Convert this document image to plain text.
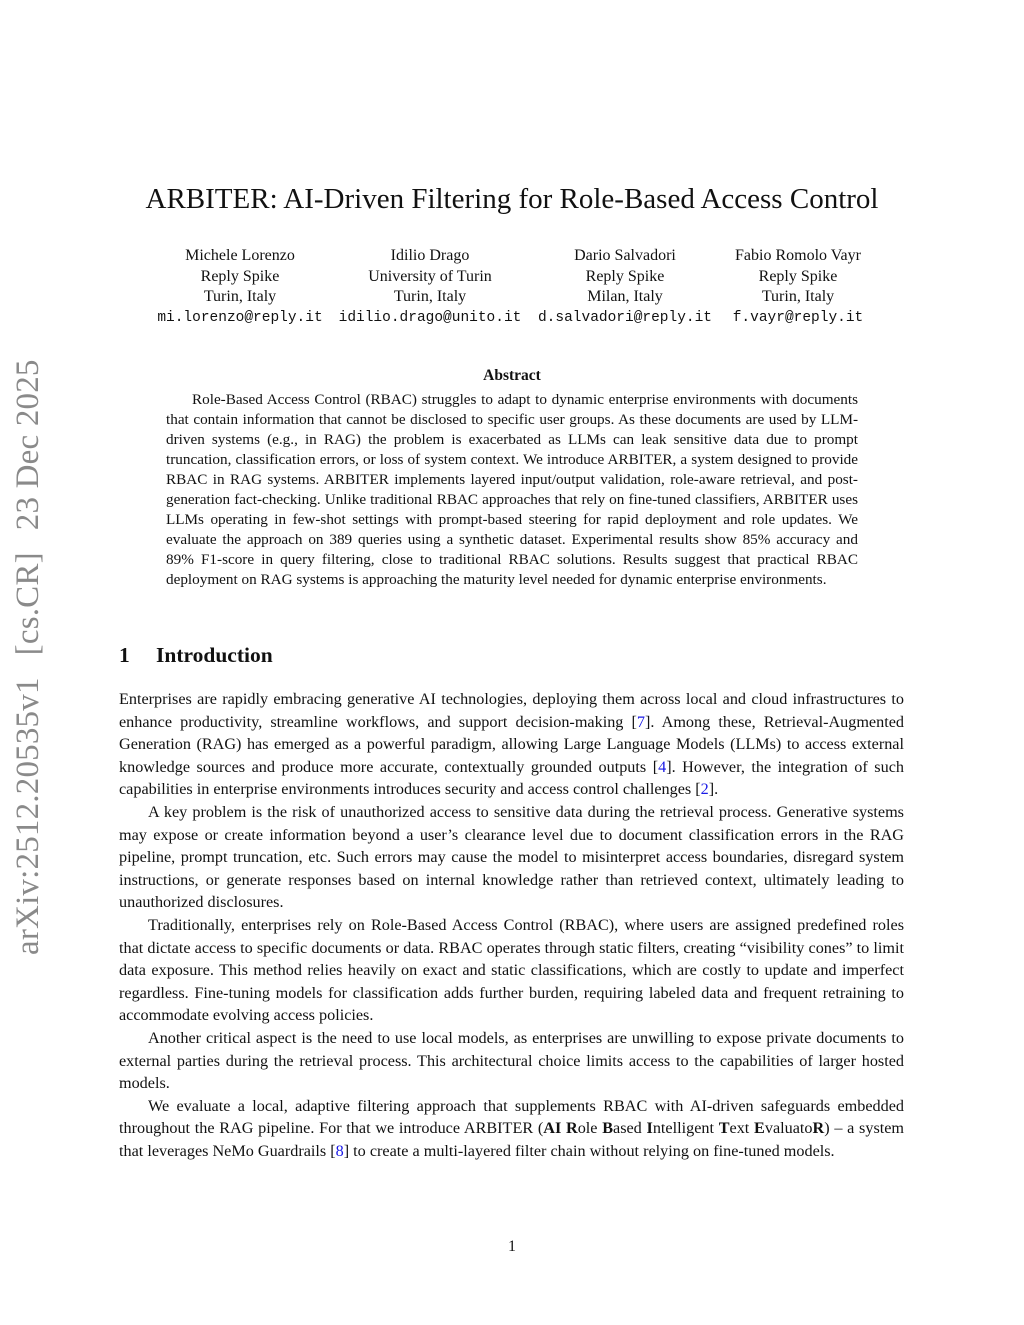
arXiv:2512.20535v1[cs.CR]23 Dec 2025
ARBITER: AI-Driven Filtering for Role-Based Access Control
Michele Lorenzo
Reply Spike
Turin, Italy
mi.lorenzo@reply.it
Idilio Drago
University of Turin
Turin, Italy
idilio.drago@unito.it
Dario Salvadori
Reply Spike
Milan, Italy
d.salvadori@reply.it
Fabio Romolo Vayr
Reply Spike
Turin, Italy
f.vayr@reply.it
Abstract

Role-Based Access Control (RBAC) struggles to adapt to dynamic enterprise environments with documents that contain information that cannot be disclosed to specific user groups. As these documents are used by LLM-driven systems (e.g., in RAG) the problem is exacerbated as LLMs can leak sensitive data due to prompt truncation, classification errors, or loss of system context. We introduce ARBITER, a system designed to provide RBAC in RAG systems. ARBITER implements layered input/output validation, role-aware retrieval, and post-generation fact-checking. Unlike traditional RBAC approaches that rely on fine-tuned classifiers, ARBITER uses LLMs operating in few-shot settings with prompt-based steering for rapid deployment and role updates. We evaluate the approach on 389 queries using a synthetic dataset. Experimental results show 85% accuracy and 89% F1-score in query filtering, close to traditional RBAC solutions. Results suggest that practical RBAC deployment on RAG systems is approaching the maturity level needed for dynamic enterprise environments.

1 Introduction

Enterprises are rapidly embracing generative AI technologies, deploying them across local and cloud infrastructures to enhance productivity, streamline workflows, and support decision-making [7]. Among these, Retrieval-Augmented Generation (RAG) has emerged as a powerful paradigm, allowing Large Language Models (LLMs) to access external knowledge sources and produce more accurate, contextually grounded outputs [4]. However, the integration of such capabilities in enterprise environments introduces security and access control challenges [2].

A key problem is the risk of unauthorized access to sensitive data during the retrieval process. Generative systems may expose or create information beyond a user’s clearance level due to document classification errors in the RAG pipeline, prompt truncation, etc. Such errors may cause the model to misinterpret access boundaries, disregard system instructions, or generate responses based on internal knowledge rather than retrieved context, ultimately leading to unauthorized disclosures.

Traditionally, enterprises rely on Role-Based Access Control (RBAC), where users are assigned predefined roles that dictate access to specific documents or data. RBAC operates through static filters, creating “visibility cones” to limit data exposure. This method relies heavily on exact and static classifications, which are costly to update and imperfect regardless. Fine-tuning models for classification adds further burden, requiring labeled data and frequent retraining to accommodate evolving access policies.

Another critical aspect is the need to use local models, as enterprises are unwilling to expose private documents to external parties during the retrieval process. This architectural choice limits access to the capabilities of larger hosted models.

We evaluate a local, adaptive filtering approach that supplements RBAC with AI-driven safeguards embedded throughout the RAG pipeline. For that we introduce ARBITER (AI Role Based Intelligent Text EvaluatoR) – a system that leverages NeMo Guardrails [8] to create a multi-layered filter chain without relying on fine-tuned models.

1
